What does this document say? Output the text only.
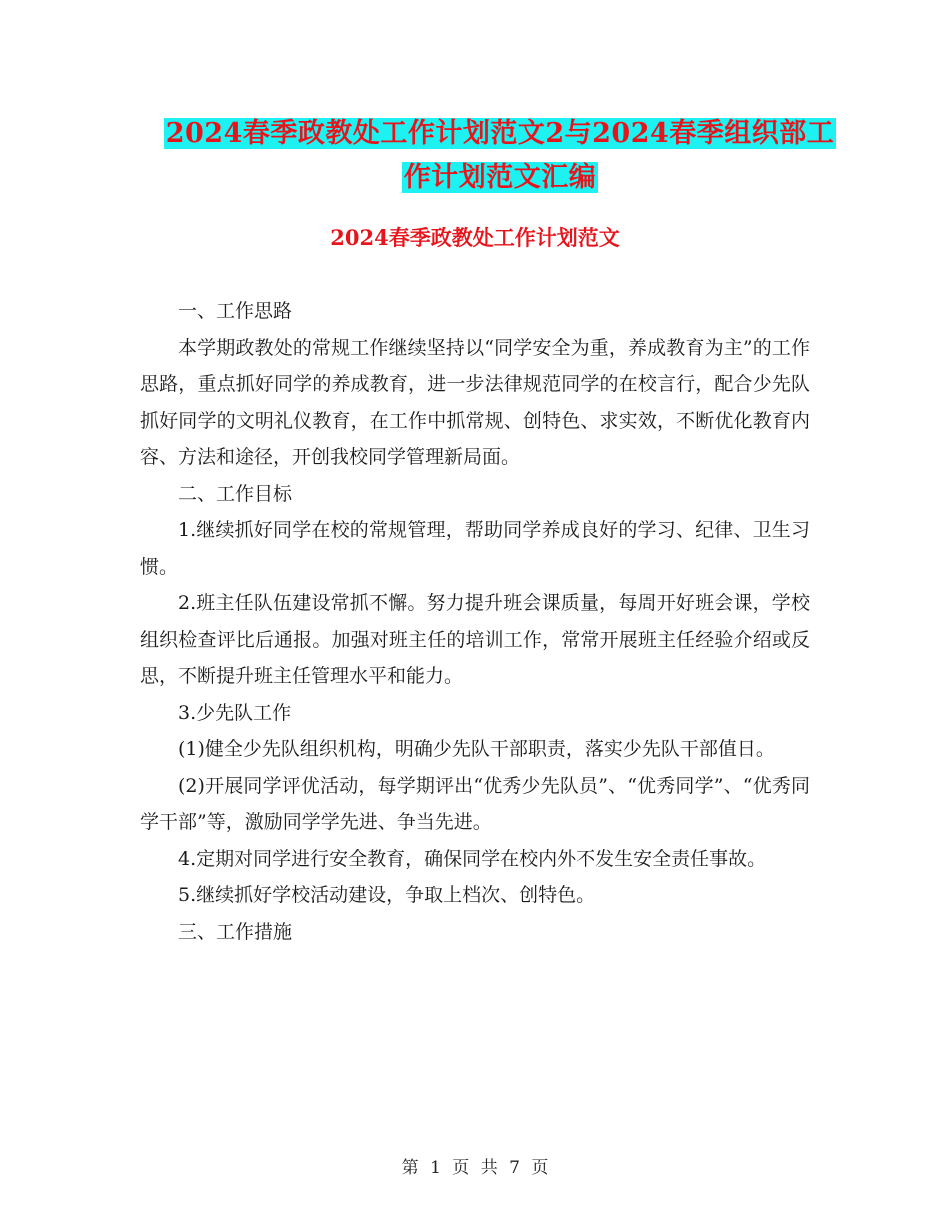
2024春季政教处工作计划范文2与2024春季组织部工
作计划范文汇编
2024春季政教处工作计划范文

一、工作思路

本学期政教处的常规工作继续坚持以“同学安全为重，养成教育为主”的工作思路，重点抓好同学的养成教育，进一步法律规范同学的在校言行，配合少先队抓好同学的文明礼仪教育，在工作中抓常规、创特色、求实效，不断优化教育内容、方法和途径，开创我校同学管理新局面。

二、工作目标

1.继续抓好同学在校的常规管理，帮助同学养成良好的学习、纪律、卫生习惯。

2.班主任队伍建设常抓不懈。努力提升班会课质量，每周开好班会课，学校组织检查评比后通报。加强对班主任的培训工作，常常开展班主任经验介绍或反思，不断提升班主任管理水平和能力。

3.少先队工作

(1)健全少先队组织机构，明确少先队干部职责，落实少先队干部值日。

(2)开展同学评优活动，每学期评出“优秀少先队员”、“优秀同学”、“优秀同学干部”等，激励同学学先进、争当先进。

4.定期对同学进行安全教育，确保同学在校内外不发生安全责任事故。

5.继续抓好学校活动建设，争取上档次、创特色。

三、工作措施

第 1 页 共 7 页
